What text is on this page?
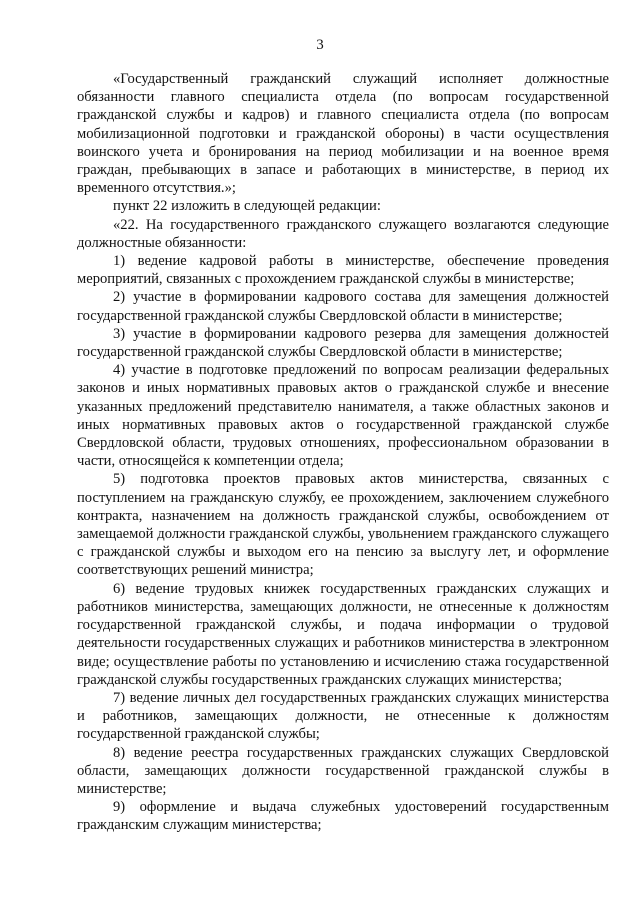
3

«Государственный гражданский служащий исполняет должностные обязанности главного специалиста отдела (по вопросам государственной гражданской службы и кадров) и главного специалиста отдела (по вопросам мобилизационной подготовки и гражданской обороны) в части осуществления воинского учета и бронирования на период мобилизации и на военное время граждан, пребывающих в запасе и работающих в министерстве, в период их временного отсутствия.»;

пункт 22 изложить в следующей редакции:

«22. На государственного гражданского служащего возлагаются следующие должностные обязанности:

1) ведение кадровой работы в министерстве, обеспечение проведения мероприятий, связанных с прохождением гражданской службы в министерстве;

2) участие в формировании кадрового состава для замещения должностей государственной гражданской службы Свердловской области в министерстве;

3) участие в формировании кадрового резерва для замещения должностей государственной гражданской службы Свердловской области в министерстве;

4) участие в подготовке предложений по вопросам реализации федеральных законов и иных нормативных правовых актов о гражданской службе и внесение указанных предложений представителю нанимателя, а также областных законов и иных нормативных правовых актов о государственной гражданской службе Свердловской области, трудовых отношениях, профессиональном образовании в части, относящейся к компетенции отдела;

5) подготовка проектов правовых актов министерства, связанных с поступлением на гражданскую службу, ее прохождением, заключением служебного контракта, назначением на должность гражданской службы, освобождением от замещаемой должности гражданской службы, увольнением гражданского служащего с гражданской службы и выходом его на пенсию за выслугу лет, и оформление соответствующих решений министра;

6) ведение трудовых книжек государственных гражданских служащих и работников министерства, замещающих должности, не отнесенные к должностям государственной гражданской службы, и подача информации о трудовой деятельности государственных служащих и работников министерства в электронном виде; осуществление работы по установлению и исчислению стажа государственной гражданской службы государственных гражданских служащих министерства;

7) ведение личных дел государственных гражданских служащих министерства и работников, замещающих должности, не отнесенные к должностям государственной гражданской службы;

8) ведение реестра государственных гражданских служащих Свердловской области, замещающих должности государственной гражданской службы в министерстве;

9) оформление и выдача служебных удостоверений государственным гражданским служащим министерства;
